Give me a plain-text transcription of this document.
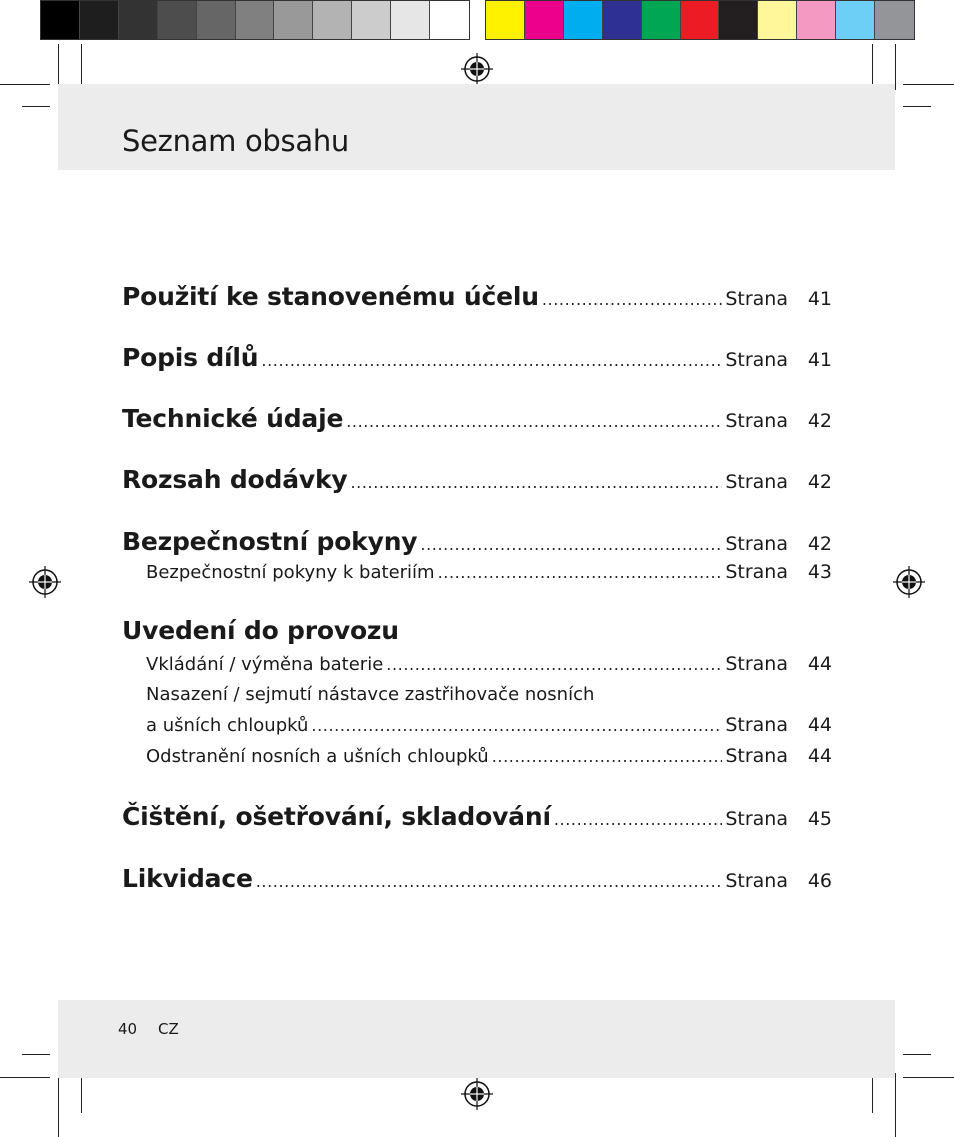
Seznam obsahu
Použití ke stanovenému účelu .....	Strana	41
Popis dílů .....	Strana	41
Technické údaje .....	Strana	42
Rozsah dodávky .....	Strana	42
Bezpečnostní pokyny .....	Strana	42
Bezpečnostní pokyny k bateriím .....	Strana	43
Uvedení do provozu
Vkládání / výměna baterie .....	Strana	44
Nasazení / sejmutí nástavce zastřihovače nosních
a ušních chloupků .....	Strana	44
Odstranění nosních a ušních chloupků .....	Strana	44
Čištění, ošetřování, skladování .....	Strana	45
Likvidace .....	Strana	46
40 CZ
